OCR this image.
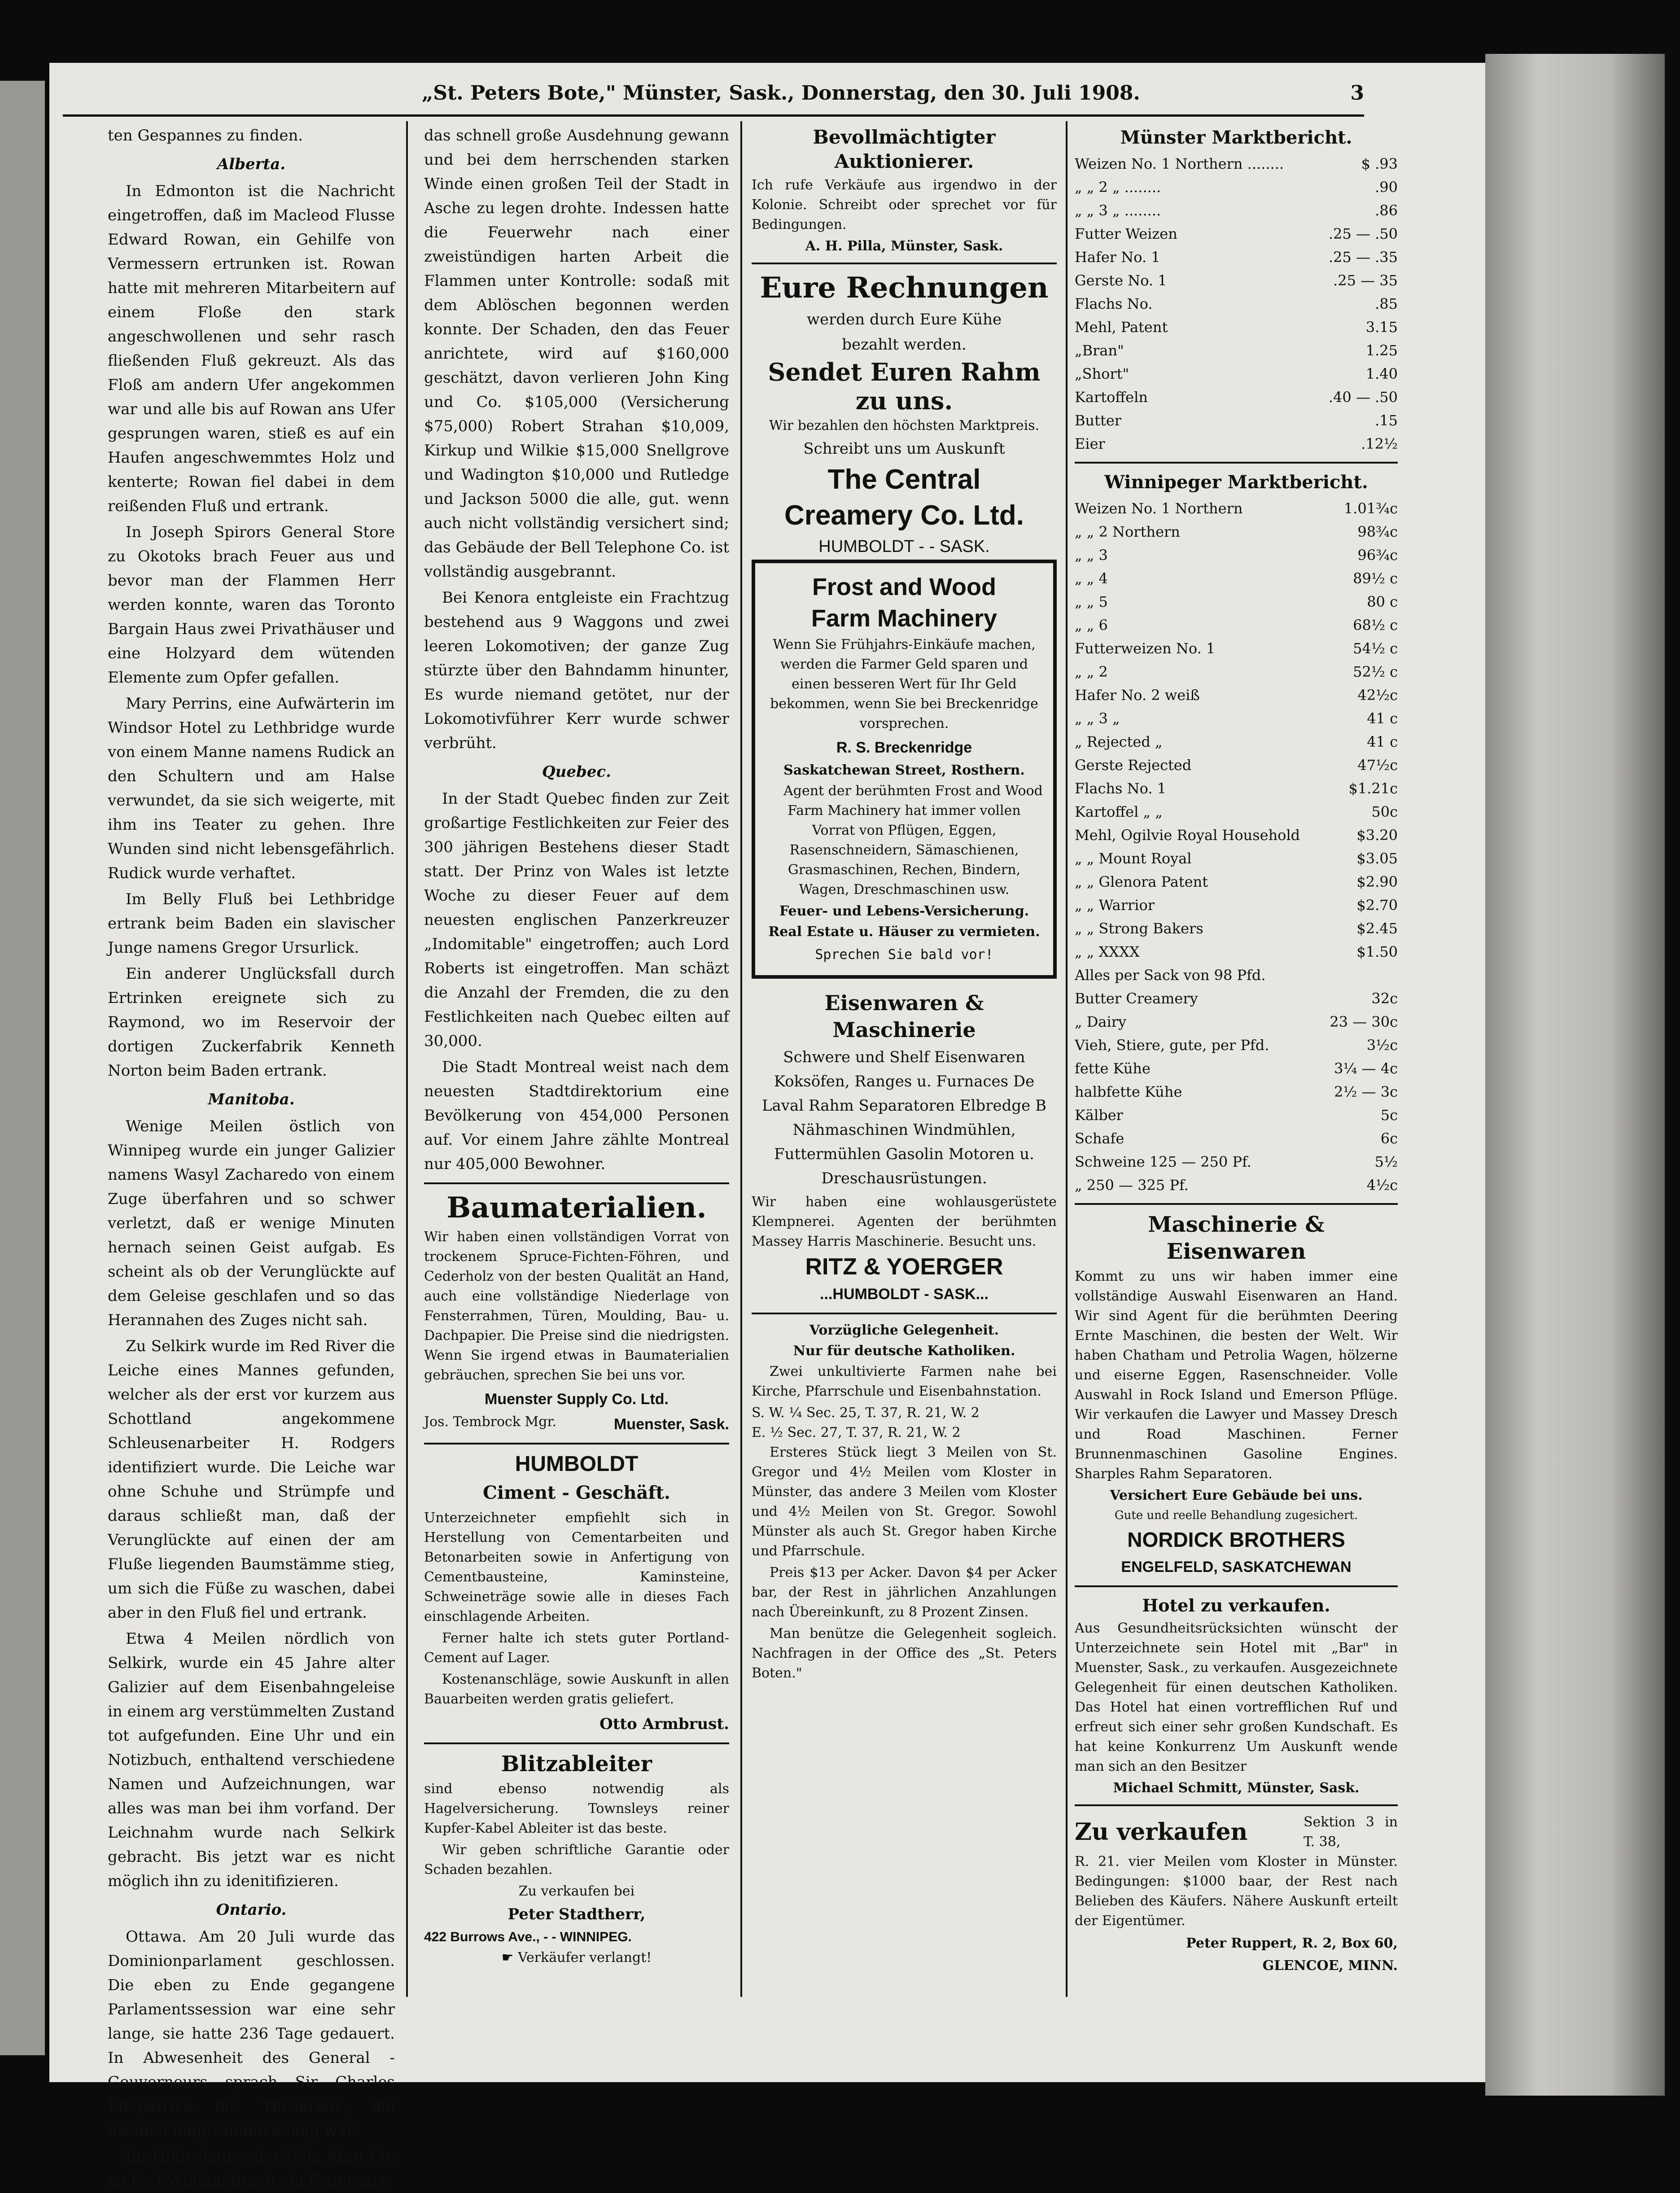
„St. Peters Bote," Münster, Sask., Donnerstag, den 30. Juli 1908.	3

ten Gespannes zu finden.

Alberta.

In Edmonton ist die Nachricht eingetroffen, daß im Macleod Flusse Edward Rowan, ein Gehilfe von Vermessern ertrunken ist. Rowan hatte mit mehreren Mitarbeitern auf einem Floße den stark angeschwollenen und sehr rasch fließenden Fluß gekreuzt. Als das Floß am andern Ufer angekommen war und alle bis auf Rowan ans Ufer gesprungen waren, stieß es auf ein Haufen angeschwemmtes Holz und kenterte; Rowan fiel dabei in dem reißenden Fluß und ertrank.

In Joseph Spirors General Store zu Okotoks brach Feuer aus und bevor man der Flammen Herr werden konnte, waren das Toronto Bargain Haus zwei Privathäuser und eine Holzyard dem wütenden Elemente zum Opfer gefallen.

Mary Perrins, eine Aufwärterin im Windsor Hotel zu Lethbridge wurde von einem Manne namens Rudick an den Schultern und am Halse verwundet, da sie sich weigerte, mit ihm ins Teater zu gehen. Ihre Wunden sind nicht lebensgefährlich. Rudick wurde verhaftet.

Im Belly Fluß bei Lethbridge ertrank beim Baden ein slavischer Junge namens Gregor Ursurlick.

Ein anderer Unglücksfall durch Ertrinken ereignete sich zu Raymond, wo im Reservoir der dortigen Zuckerfabrik Kenneth Norton beim Baden ertrank.

Manitoba.

Wenige Meilen östlich von Winnipeg wurde ein junger Galizier namens Wasyl Zacharedo von einem Zuge überfahren und so schwer verletzt, daß er wenige Minuten hernach seinen Geist aufgab. Es scheint als ob der Verunglückte auf dem Geleise geschlafen und so das Herannahen des Zuges nicht sah.

Zu Selkirk wurde im Red River die Leiche eines Mannes gefunden, welcher als der erst vor kurzem aus Schottland angekommene Schleusenarbeiter H. Rodgers identifiziert wurde. Die Leiche war ohne Schuhe und Strümpfe und daraus schließt man, daß der Verunglückte auf einen der am Fluße liegenden Baumstämme stieg, um sich die Füße zu waschen, dabei aber in den Fluß fiel und ertrank.

Etwa 4 Meilen nördlich von Selkirk, wurde ein 45 Jahre alter Galizier auf dem Eisenbahngeleise in einem arg verstümmelten Zustand tot aufgefunden. Eine Uhr und ein Notizbuch, enthaltend verschiedene Namen und Aufzeichnungen, war alles was man bei ihm vorfand. Der Leichnahm wurde nach Selkirk gebracht. Bis jetzt war es nicht möglich ihn zu idenitifizieren.

Ontario.

Ottawa. Am 20 Juli wurde das Dominionparlament geschlossen. Die eben zu Ende gegangene Parlamentssession war eine sehr lange, sie hatte 236 Tage gedauert. In Abwesenheit des General - Gouverneurs sprach Sir Charles Fitzpatrick die Thronrede, die diesmal ungewöhnlich lang war.

Im Hinterhause der John King Co, zu Fort William brach ein Feuer aus,

das schnell große Ausdehnung gewann und bei dem herrschenden starken Winde einen großen Teil der Stadt in Asche zu legen drohte. Indessen hatte die Feuerwehr nach einer zweistündigen harten Arbeit die Flammen unter Kontrolle: sodaß mit dem Ablöschen begonnen werden konnte. Der Schaden, den das Feuer anrichtete, wird auf $160,000 geschätzt, davon verlieren John King und Co. $105,000 (Versicherung $75,000) Robert Strahan $10,009, Kirkup und Wilkie $15,000 Snellgrove und Wadington $10,000 und Rutledge und Jackson 5000 die alle, gut. wenn auch nicht vollständig versichert sind; das Gebäude der Bell Telephone Co. ist vollständig ausgebrannt.

Bei Kenora entgleiste ein Frachtzug bestehend aus 9 Waggons und zwei leeren Lokomotiven; der ganze Zug stürzte über den Bahndamm hinunter, Es wurde niemand getötet, nur der Lokomotivführer Kerr wurde schwer verbrüht.

Quebec.

In der Stadt Quebec finden zur Zeit großartige Festlichkeiten zur Feier des 300 jährigen Bestehens dieser Stadt statt. Der Prinz von Wales ist letzte Woche zu dieser Feuer auf dem neuesten englischen Panzerkreuzer „Indomitable" eingetroffen; auch Lord Roberts ist eingetroffen. Man schäzt die Anzahl der Fremden, die zu den Festlichkeiten nach Quebec eilten auf 30,000.

Die Stadt Montreal weist nach dem neuesten Stadtdirektorium eine Bevölkerung von 454,000 Personen auf. Vor einem Jahre zählte Montreal nur 405,000 Bewohner.

Baumaterialien.

Wir haben einen vollständigen Vorrat von trockenem Spruce-Fichten-Föhren, und Cederholz von der besten Qualität an Hand, auch eine vollständige Niederlage von Fensterrahmen, Türen, Moulding, Bau- u. Dachpapier. Die Preise sind die niedrigsten. Wenn Sie irgend etwas in Baumaterialien gebräuchen, sprechen Sie bei uns vor.

Muenster Supply Co. Ltd.
Jos. Tembrock Mgr.	Muenster, Sask.
HUMBOLDT
Ciment - Geschäft.

Unterzeichneter empfiehlt sich in Herstellung von Cementarbeiten und Betonarbeiten sowie in Anfertigung von Cementbausteine, Kaminsteine, Schweineträge sowie alle in dieses Fach einschlagende Arbeiten.

Ferner halte ich stets guter Portland-Cement auf Lager.

Kostenanschläge, sowie Auskunft in allen Bauarbeiten werden gratis geliefert.

Otto Armbrust.
Blitzableiter

sind ebenso notwendig als Hagelversicherung. Townsleys reiner Kupfer-Kabel Ableiter ist das beste.

Wir geben schriftliche Garantie oder Schaden bezahlen.

Zu verkaufen bei
Peter Stadtherr,
422 Burrows Ave., - - WINNIPEG.
☛ Verkäufer verlangt!
Bevollmächtigter Auktionierer.

Ich rufe Verkäufe aus irgendwo in der Kolonie. Schreibt oder sprechet vor für Bedingungen.

A. H. Pilla, Münster, Sask.
Eure Rechnungen
werden durch Eure Kühe
bezahlt werden.
Sendet Euren Rahm
zu uns.
Wir bezahlen den höchsten Marktpreis.
Schreibt uns um Auskunft
The Central
Creamery Co. Ltd.
HUMBOLDT - - SASK.
Frost and Wood
Farm Machinery

Wenn Sie Frühjahrs-Einkäufe machen, werden die Farmer Geld sparen und einen besseren Wert für Ihr Geld bekommen, wenn Sie bei Breckenridge vorsprechen.

R. S. Breckenridge
Saskatchewan Street, Rosthern.

Agent der berühmten Frost and Wood Farm Machinery hat immer vollen Vorrat von Pflügen, Eggen, Rasenschneidern, Sämaschienen, Grasmaschinen, Rechen, Bindern, Wagen, Dreschmaschinen usw.

Feuer- und Lebens-Versicherung.
Real Estate u. Häuser zu vermieten.
Sprechen Sie bald vor!
Eisenwaren & Maschinerie

Schwere und Shelf Eisenwaren Koksöfen, Ranges u. Furnaces De Laval Rahm Separatoren Elbredge B Nähmaschinen Windmühlen, Futtermühlen Gasolin Motoren u. Dreschausrüstungen.

Wir haben eine wohlausgerüstete Klempnerei. Agenten der berühmten Massey Harris Maschinerie. Besucht uns.

RITZ & YOERGER
...HUMBOLDT - SASK...
Vorzügliche Gelegenheit.
Nur für deutsche Katholiken.

Zwei unkultivierte Farmen nahe bei Kirche, Pfarrschule und Eisenbahnstation.

S. W. ¼ Sec. 25, T. 37, R. 21, W. 2
E. ½ Sec. 27, T. 37, R. 21, W. 2

Ersteres Stück liegt 3 Meilen von St. Gregor und 4½ Meilen vom Kloster in Münster, das andere 3 Meilen vom Kloster und 4½ Meilen von St. Gregor. Sowohl Münster als auch St. Gregor haben Kirche und Pfarrschule.

Preis $13 per Acker. Davon $4 per Acker bar, der Rest in jährlichen Anzahlungen nach Übereinkunft, zu 8 Prozent Zinsen.

Man benütze die Gelegenheit sogleich. Nachfragen in der Office des „St. Peters Boten."

Münster Marktbericht.
Weizen No. 1 Northern ........	$ .93
„ „ 2 „ ........	.90
„ „ 3 „ ........	.86
Futter Weizen	.25 — .50
Hafer No. 1	.25 — .35
Gerste No. 1	.25 — 35
Flachs No.	.85
Mehl, Patent	3.15
„Bran"	1.25
„Short"	1.40
Kartoffeln	.40 — .50
Butter	.15
Eier	.12½
Winnipeger Marktbericht.
Weizen No. 1 Northern	1.01¾c
„ „ 2 Northern	98¾c
„ „ 3	96¾c
„ „ 4	89½ c
„ „ 5	80 c
„ „ 6	68½ c
Futterweizen No. 1	54½ c
„ „ 2	52½ c
Hafer No. 2 weiß	42½c
„ „ 3 „	41 c
„ Rejected „	41 c
Gerste Rejected	47½c
Flachs No. 1	$1.21c
Kartoffel „ „	50c
Mehl, Ogilvie Royal Household	$3.20
„ „ Mount Royal	$3.05
„ „ Glenora Patent	$2.90
„ „ Warrior	$2.70
„ „ Strong Bakers	$2.45
„ „ XXXX	$1.50
Alles per Sack von 98 Pfd.
Butter Creamery	32c
„ Dairy	23 — 30c
Vieh, Stiere, gute, per Pfd.	3½c
fette Kühe	3¼ — 4c
halbfette Kühe	2½ — 3c
Kälber	5c
Schafe	6c
Schweine 125 — 250 Pf.	5½
„ 250 — 325 Pf.	4½c
Maschinerie & Eisenwaren

Kommt zu uns wir haben immer eine vollständige Auswahl Eisenwaren an Hand. Wir sind Agent für die berühmten Deering Ernte Maschinen, die besten der Welt. Wir haben Chatham und Petrolia Wagen, hölzerne und eiserne Eggen, Rasenschneider. Volle Auswahl in Rock Island und Emerson Pflüge. Wir verkaufen die Lawyer und Massey Dresch und Road Maschinen. Ferner Brunnenmaschinen Gasoline Engines. Sharples Rahm Separatoren.

Versichert Eure Gebäude bei uns.
Gute und reelle Behandlung zugesichert.
NORDICK BROTHERS
ENGELFELD, SASKATCHEWAN
Hotel zu verkaufen.

Aus Gesundheitsrücksichten wünscht der Unterzeichnete sein Hotel mit „Bar" in Muenster, Sask., zu verkaufen. Ausgezeichnete Gelegenheit für einen deutschen Katholiken. Das Hotel hat einen vortrefflichen Ruf und erfreut sich einer sehr großen Kundschaft. Es hat keine Konkurrenz Um Auskunft wende man sich an den Besitzer

Michael Schmitt, Münster, Sask.
Zu verkaufen	Sektion 3 in T. 38,

R. 21. vier Meilen vom Kloster in Münster. Bedingungen: $1000 baar, der Rest nach Belieben des Käufers. Nähere Auskunft erteilt der Eigentümer.

Peter Ruppert, R. 2, Box 60,
GLENCOE, MINN.
